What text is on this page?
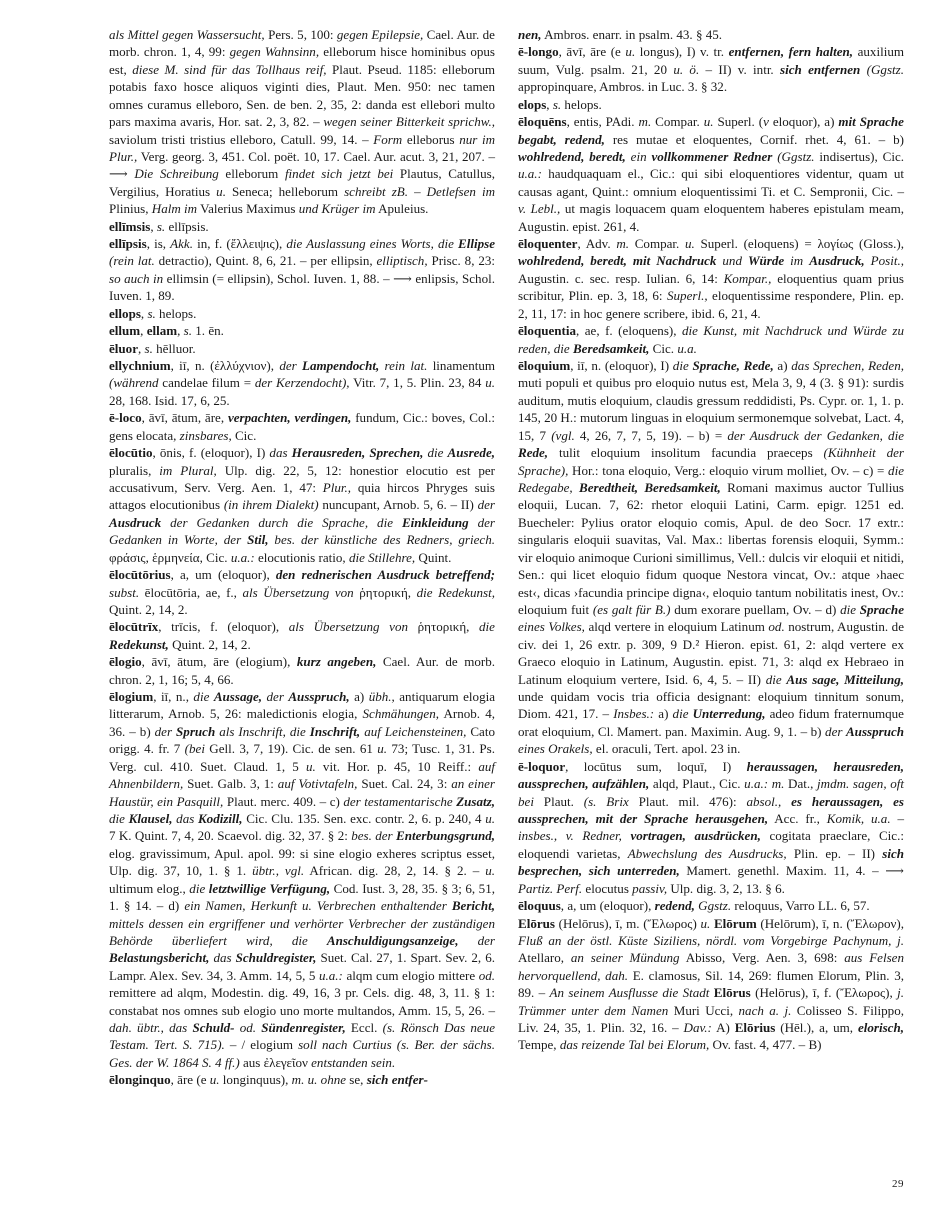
als Mittel gegen Wassersucht, Pers. 5, 100: gegen Epilepsie, Cael. Aur. de morb. chron. 1, 4, 99: gegen Wahnsinn, elleborum hisce hominibus opus est, diese M. sind für das Tollhaus reif, Plaut. Pseud. 1185: elleborum potabis faxo hosce aliquos viginti dies, Plaut. Men. 950: nec tamen omnes curamus elleboro, Sen. de ben. 2, 35, 2: danda est ellebori multo pars maxima avaris, Hor. sat. 2, 3, 82. – wegen seiner Bitterkeit sprichw., saviolum tristi tristius elleboro, Catull. 99, 14. – Form elleborus nur im Plur., Verg. georg. 3, 451. Col. poët. 10, 17. Cael. Aur. acut. 3, 21, 207. – ⟶ Die Schreibung elleborum findet sich jetzt bei Plautus, Catullus, Vergilius, Horatius u. Seneca; helleborum schreibt zB. – Detlefsen im Plinius, Halm im Valerius Maximus und Krüger im Apuleius.

ellīmsis, s. ellīpsis.

ellīpsis, is, Akk. in, f. (ἔλλειψις), die Auslassung eines Worts, die Ellipse (rein lat. detractio), Quint. 8, 6, 21. – per ellipsin, elliptisch, Prisc. 8, 23: so auch in ellimsin (= ellipsin), Schol. Iuven. 1, 88. – ⟶ enlipsis, Schol. Iuven. 1, 89.

ellops, s. helops.

ellum, ellam, s. 1. ēn.

ēluor, s. hēlluor.

ellychnium, iī, n. (ἐλλύχνιον), der Lampendocht, rein lat. linamentum (während candelae filum = der Kerzendocht), Vitr. 7, 1, 5. Plin. 23, 84 u. 28, 168. Isid. 17, 6, 25.

ē-loco, āvī, ātum, āre, verpachten, verdingen, fundum, Cic.: boves, Col.: gens elocata, zinsbares, Cic.

ēlocūtio, ōnis, f. (eloquor), I) das Herausreden, Sprechen, die Ausrede, pluralis, im Plural, Ulp. dig. 22, 5, 12: honestior elocutio est per accusativum, Serv. Verg. Aen. 1, 47: Plur., quia hircos Phryges suis attagos elocutionibus (in ihrem Dialekt) nuncupant, Arnob. 5, 6. – II) der Ausdruck der Gedanken durch die Sprache, die Einkleidung der Gedanken in Worte, der Stil, bes. der künstliche des Redners, griech. φράσις, ἑρμηνεία, Cic. u.a.: elocutionis ratio, die Stillehre, Quint.

ēlocūtōrius, a, um (eloquor), den rednerischen Ausdruck betreffend; subst. ēlocūtōria, ae, f., als Übersetzung von ῥητορική, die Redekunst, Quint. 2, 14, 2.

ēlocūtrīx, trīcis, f. (eloquor), als Übersetzung von ῥητορική, die Redekunst, Quint. 2, 14, 2.

ēlogio, āvī, ātum, āre (elogium), kurz angeben, Cael. Aur. de morb. chron. 2, 1, 16; 5, 4, 66.

ēlogium, iī, n., die Aussage, der Ausspruch, a) übh., antiquarum elogia litterarum, Arnob. 5, 26: maledictionis elogia, Schmähungen, Arnob. 4, 36. – b) der Spruch als Inschrift, die Inschrift, auf Leichensteinen, Cato origg. 4. fr. 7 (bei Gell. 3, 7, 19). Cic. de sen. 61 u. 73; Tusc. 1, 31. Ps. Verg. cul. 410. Suet. Claud. 1, 5 u. vit. Hor. p. 45, 10 Reiff.: auf Ahnenbildern, Suet. Galb. 3, 1: auf Votivtafeln, Suet. Cal. 24, 3: an einer Haustür, ein Pasquill, Plaut. merc. 409. – c) der testamentarische Zusatz, die Klausel, das Kodizill, Cic. Clu. 135. Sen. exc. contr. 2, 6. p. 240, 4 u. 7 K. Quint. 7, 4, 20. Scaevol. dig. 32, 37. § 2: bes. der Enterbungsgrund, elog. gravissimum, Apul. apol. 99: si sine elogio exheres scriptus esset, Ulp. dig. 37, 10, 1. § 1. übtr., vgl. African. dig. 28, 2, 14. § 2. – u. ultimum elog., die letztwillige Verfügung, Cod. Iust. 3, 28, 35. § 3; 6, 51, 1. § 14. – d) ein Namen, Herkunft u. Verbrechen enthaltender Bericht, mittels dessen ein ergriffener und verhörter Verbrecher der zuständigen Behörde überliefert wird, die Anschuldigungsanzeige, der Belastungsbericht, das Schuldregister, Suet. Cal. 27, 1. Spart. Sev. 2, 6. Lampr. Alex. Sev. 34, 3. Amm. 14, 5, 5 u.a.: alqm cum elogio mittere od. remittere ad alqm, Modestin. dig. 49, 16, 3 pr. Cels. dig. 48, 3, 11. § 1: constabat nos omnes sub elogio uno morte multandos, Amm. 15, 5, 26. – dah. übtr., das Schuld- od. Sündenregister, Eccl. (s. Rönsch Das neue Testam. Tert. S. 715). – / elogium soll nach Curtius (s. Ber. der sächs. Ges. der W. 1864 S. 4 ff.) aus ἐλεγεῖον entstanden sein.

ēlonginquo, āre (e u. longinquus), m. u. ohne se, sich entfer-

nen, Ambros. enarr. in psalm. 43. § 45.

ē-longo, āvī, āre (e u. longus), I) v. tr. entfernen, fern halten, auxilium suum, Vulg. psalm. 21, 20 u. ö. – II) v. intr. sich entfernen (Ggstz. appropinquare, Ambros. in Luc. 3. § 32.

elops, s. helops.

ēloquēns, entis, PAdi. m. Compar. u. Superl. (v eloquor), a) mit Sprache begabt, redend, res mutae et eloquentes, Cornif. rhet. 4, 61. – b) wohlredend, beredt, ein vollkommener Redner (Ggstz. indisertus), Cic. u.a.: haudquaquam el., Cic.: qui sibi eloquentiores videntur, quam ut causas agant, Quint.: omnium eloquentissimi Ti. et C. Sempronii, Cic. – v. Lebl., ut magis loquacem quam eloquentem haberes epistulam meam, Augustin. epist. 261, 4.

ēloquenter, Adv. m. Compar. u. Superl. (eloquens) = λογίως (Gloss.), wohlredend, beredt, mit Nachdruck und Würde im Ausdruck, Posit., Augustin. c. sec. resp. Iulian. 6, 14: Kompar., eloquentius quam prius scribitur, Plin. ep. 3, 18, 6: Superl., eloquentissime respondere, Plin. ep. 2, 11, 17: in hoc genere scribere, ibid. 6, 21, 4.

ēloquentia, ae, f. (eloquens), die Kunst, mit Nachdruck und Würde zu reden, die Beredsamkeit, Cic. u.a.

ēloquium, iī, n. (eloquor), I) die Sprache, Rede, a) das Sprechen, Reden, muti populi et quibus pro eloquio nutus est, Mela 3, 9, 4 (3. § 91): surdis auditum, mutis eloquium, claudis gressum reddidisti, Ps. Cypr. or. 1, 1. p. 145, 20 H.: mutorum linguas in eloquium sermonemque solvebat, Lact. 4, 15, 7 (vgl. 4, 26, 7, 7, 5, 19). – b) = der Ausdruck der Gedanken, die Rede, tulit eloquium insolitum facundia praeceps (Kühnheit der Sprache), Hor.: tona eloquio, Verg.: eloquio virum molliet, Ov. – c) = die Redegabe, Beredtheit, Beredsamkeit, Romani maximus auctor Tullius eloquii, Lucan. 7, 62: rhetor eloquii Latini, Carm. epigr. 1251 ed. Buecheler: Pylius orator eloquio comis, Apul. de deo Socr. 17 extr.: singularis eloquii suavitas, Val. Max.: libertas forensis eloquii, Symm.: vir eloquio animoque Curioni simillimus, Vell.: dulcis vir eloquii et nitidi, Sen.: qui licet eloquio fidum quoque Nestora vincat, Ov.: atque ›haec est‹, dicas ›facundia principe digna‹, eloquio tantum nobilitatis inest, Ov.: eloquium fuit (es galt für B.) dum exorare puellam, Ov. – d) die Sprache eines Volkes, alqd vertere in eloquium Latinum od. nostrum, Augustin. de civ. dei 1, 26 extr. p. 309, 9 D.² Hieron. epist. 61, 2: alqd vertere ex Graeco eloquio in Latinum, Augustin. epist. 71, 3: alqd ex Hebraeo in Latinum eloquium vertere, Isid. 6, 4, 5. – II) die Aus sage, Mitteilung, unde quidam vocis tria officia designant: eloquium tinnitum sonum, Diom. 421, 17. – Insbes.: a) die Unterredung, adeo fidum fraternumque orat eloquium, Cl. Mamert. pan. Maximin. Aug. 9, 1. – b) der Ausspruch eines Orakels, el. oraculi, Tert. apol. 23 in.

ē-loquor, locūtus sum, loquī, I) heraussagen, herausreden, aussprechen, aufzählen, alqd, Plaut., Cic. u.a.: m. Dat., jmdm. sagen, oft bei Plaut. (s. Brix Plaut. mil. 476): absol., es heraussagen, es aussprechen, mit der Sprache herausgehen, Acc. fr., Komik, u.a. – insbes., v. Redner, vortragen, ausdrücken, cogitata praeclare, Cic.: eloquendi varietas, Abwechslung des Ausdrucks, Plin. ep. – II) sich besprechen, sich unterreden, Mamert. genethl. Maxim. 11, 4. – ⟶ Partiz. Perf. elocutus passiv, Ulp. dig. 3, 2, 13. § 6.

ēloquus, a, um (eloquor), redend, Ggstz. reloquus, Varro LL. 6, 57.

Elōrus (Helōrus), ī, m. (Ἔλωρος) u. Elōrum (Helōrum), ī, n. (Ἔλωρον), Fluß an der östl. Küste Siziliens, nördl. vom Vorgebirge Pachynum, j. Atellaro, an seiner Mündung Abisso, Verg. Aen. 3, 698: aus Felsen hervorquellend, dah. E. clamosus, Sil. 14, 269: flumen Elorum, Plin. 3, 89. – An seinem Ausflusse die Stadt Elōrus (Helōrus), ī, f. (Ἔλωρος), j. Trümmer unter dem Namen Muri Ucci, nach a. j. Colisseo S. Filippo, Liv. 24, 35, 1. Plin. 32, 16. – Dav.: A) Elōrius (Hēl.), a, um, elorisch, Tempe, das reizende Tal bei Elorum, Ov. fast. 4, 477. – B)

29
